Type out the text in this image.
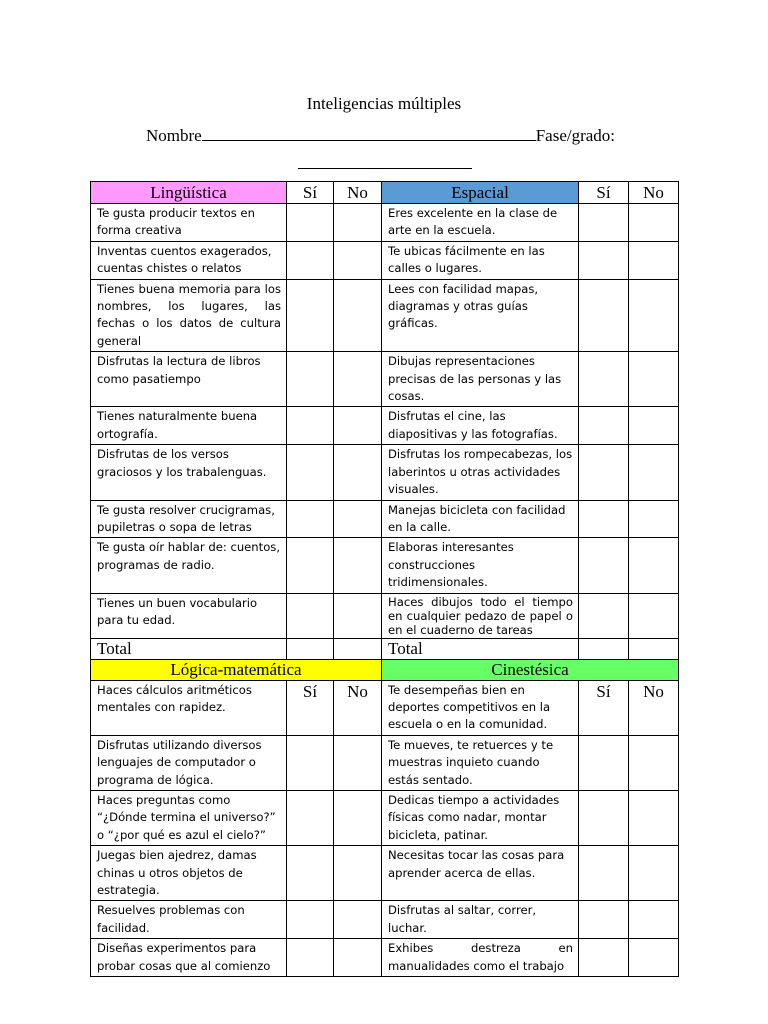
Inteligencias múltiples
Nombre	Fase/grado:
Lingüística	Sí	No	Espacial	Sí	No
Te gusta producir textos en forma creativa			Eres excelente en la clase de arte en la escuela.		
Inventas cuentos exagerados, cuentas chistes o relatos			Te ubicas fácilmente en las calles o lugares.		
Tienes buena memoria para los nombres, los lugares, las fechas o los datos de cultura general			Lees con facilidad mapas, diagramas y otras guías gráficas.		
Disfrutas la lectura de libros como pasatiempo			Dibujas representaciones precisas de las personas y las cosas.		
Tienes naturalmente buena ortografía.			Disfrutas el cine, las diapositivas y las fotografías.		
Disfrutas de los versos graciosos y los trabalenguas.			Disfrutas los rompecabezas, los laberintos u otras actividades visuales.		
Te gusta resolver crucigramas, pupiletras o sopa de letras			Manejas bicicleta con facilidad en la calle.		
Te gusta oír hablar de: cuentos, programas de radio.			Elaboras interesantes construcciones tridimensionales.		
Tienes un buen vocabulario para tu edad.			Haces dibujos todo el tiempo en cualquier pedazo de papel o en el cuaderno de tareas		
Total			Total		
Lógica-matemática			Cinestésica		
Haces cálculos aritméticos mentales con rapidez.	Sí	No	Te desempeñas bien en deportes competitivos en la escuela o en la comunidad.	Sí	No
Disfrutas utilizando diversos lenguajes de computador o programa de lógica.			Te mueves, te retuerces y te muestras inquieto cuando estás sentado.		
Haces preguntas como “¿Dónde termina el universo?” o “¿por qué es azul el cielo?”			Dedicas tiempo a actividades físicas como nadar, montar bicicleta, patinar.		
Juegas bien ajedrez, damas chinas u otros objetos de estrategia.			Necesitas tocar las cosas para aprender acerca de ellas.		
Resuelves problemas con facilidad.			Disfrutas al saltar, correr, luchar.		
Diseñas experimentos para probar cosas que al comienzo			Exhibes destreza en manualidades como el trabajo		
